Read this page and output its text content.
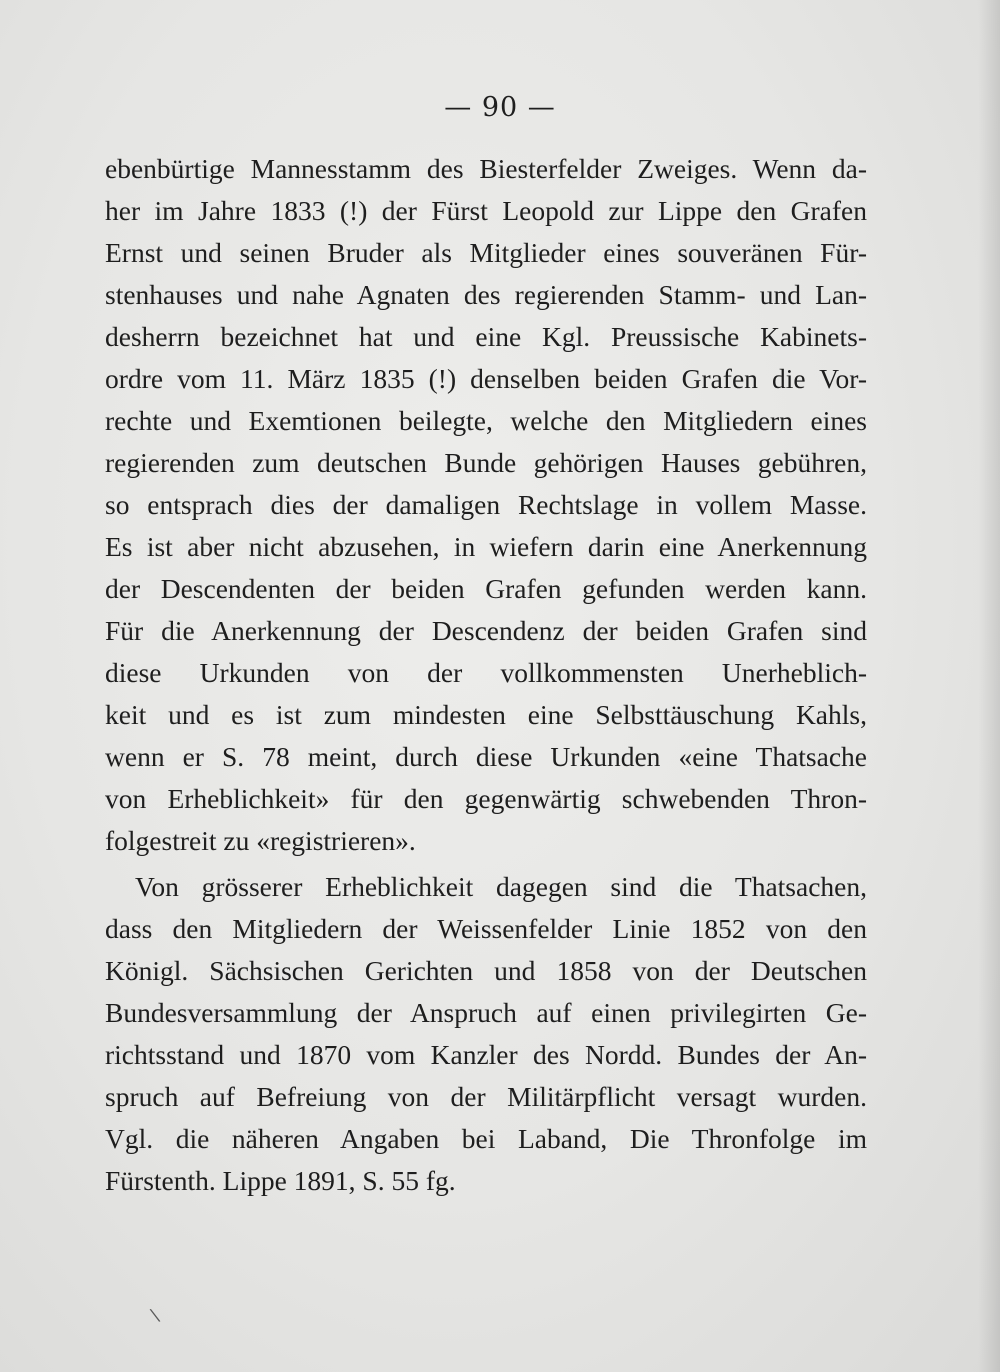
— 90 —
ebenbürtige Mannesstamm des Biesterfelder Zweiges. Wenn da-
her im Jahre 1833 (!) der Fürst Leopold zur Lippe den Grafen
Ernst und seinen Bruder als Mitglieder eines souveränen Für-
stenhauses und nahe Agnaten des regierenden Stamm- und Lan-
desherrn bezeichnet hat und eine Kgl. Preussische Kabinets-
ordre vom 11. März 1835 (!) denselben beiden Grafen die Vor-
rechte und Exemtionen beilegte, welche den Mitgliedern eines
regierenden zum deutschen Bunde gehörigen Hauses gebühren,
so entsprach dies der damaligen Rechtslage in vollem Masse.
Es ist aber nicht abzusehen, in wiefern darin eine Anerkennung
der Descendenten der beiden Grafen gefunden werden kann.
Für die Anerkennung der Descendenz der beiden Grafen sind
diese Urkunden von der vollkommensten Unerheblich-
keit und es ist zum mindesten eine Selbsttäuschung Kahls,
wenn er S. 78 meint, durch diese Urkunden «eine Thatsache
von Erheblichkeit» für den gegenwärtig schwebenden Thron-
folgestreit zu «registrieren».
Von grösserer Erheblichkeit dagegen sind die Thatsachen,
dass den Mitgliedern der Weissenfelder Linie 1852 von den
Königl. Sächsischen Gerichten und 1858 von der Deutschen
Bundesversammlung der Anspruch auf einen privilegirten Ge-
richtsstand und 1870 vom Kanzler des Nordd. Bundes der An-
spruch auf Befreiung von der Militärpflicht versagt wurden.
Vgl. die näheren Angaben bei Laband, Die Thronfolge im
Fürstenth. Lippe 1891, S. 55 fg.
\
